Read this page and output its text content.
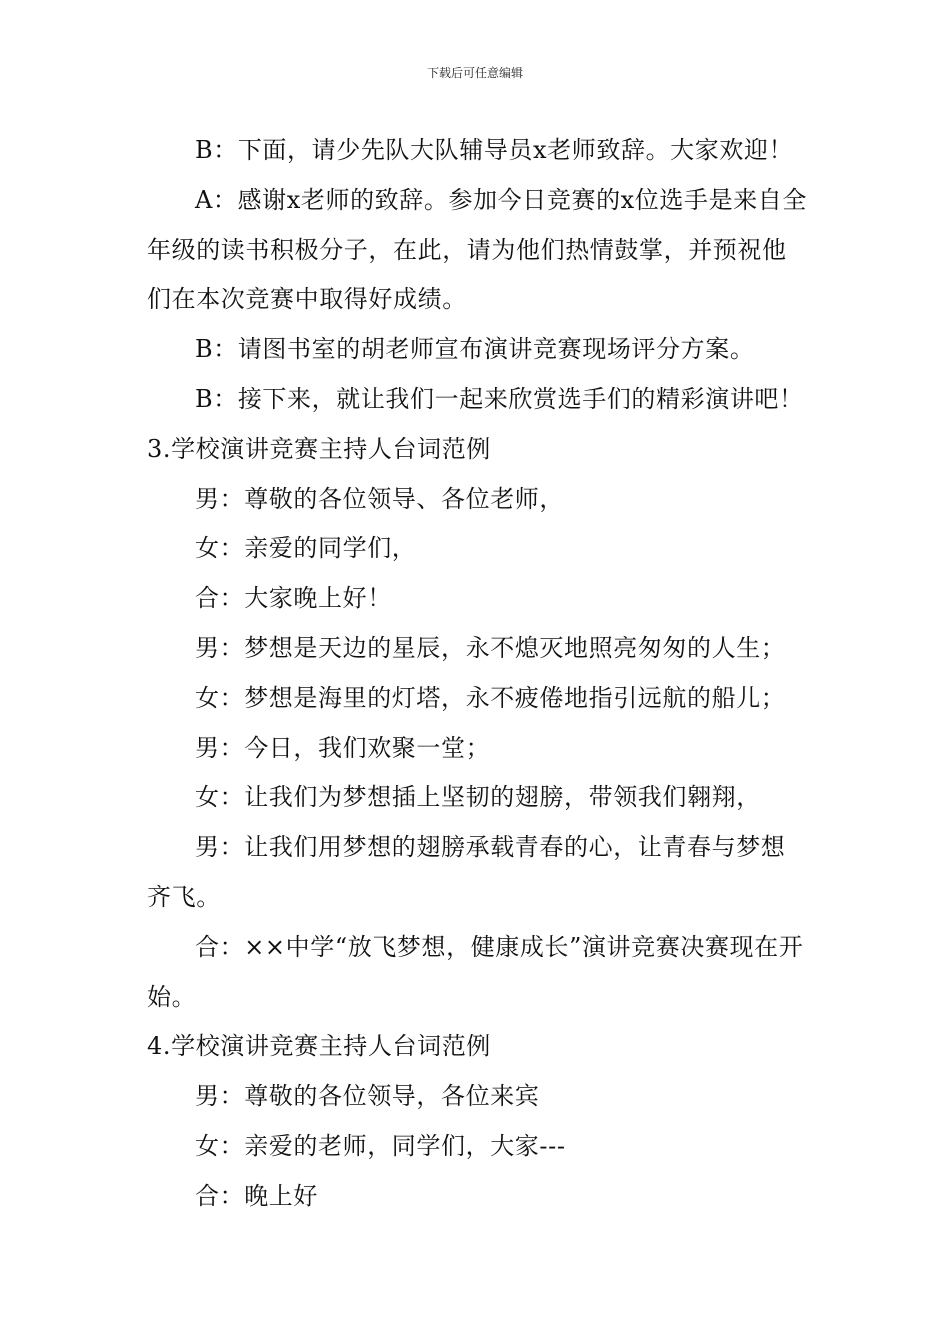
下载后可任意编辑

B：下面，请少先队大队辅导员x老师致辞。大家欢迎！

A：感谢x老师的致辞。参加今日竞赛的x位选手是来自全年级的读书积极分子，在此，请为他们热情鼓掌，并预祝他们在本次竞赛中取得好成绩。

B：请图书室的胡老师宣布演讲竞赛现场评分方案。

B：接下来，就让我们一起来欣赏选手们的精彩演讲吧！

3.学校演讲竞赛主持人台词范例

男：尊敬的各位领导、各位老师，

女：亲爱的同学们，

合：大家晚上好！

男：梦想是天边的星辰，永不熄灭地照亮匆匆的人生；

女：梦想是海里的灯塔，永不疲倦地指引远航的船儿；

男：今日，我们欢聚一堂；

女：让我们为梦想插上坚韧的翅膀，带领我们翱翔，

男：让我们用梦想的翅膀承载青春的心，让青春与梦想齐飞。

合：××中学“放飞梦想，健康成长”演讲竞赛决赛现在开始。

4.学校演讲竞赛主持人台词范例

男：尊敬的各位领导，各位来宾

女：亲爱的老师，同学们，大家---

合：晚上好
